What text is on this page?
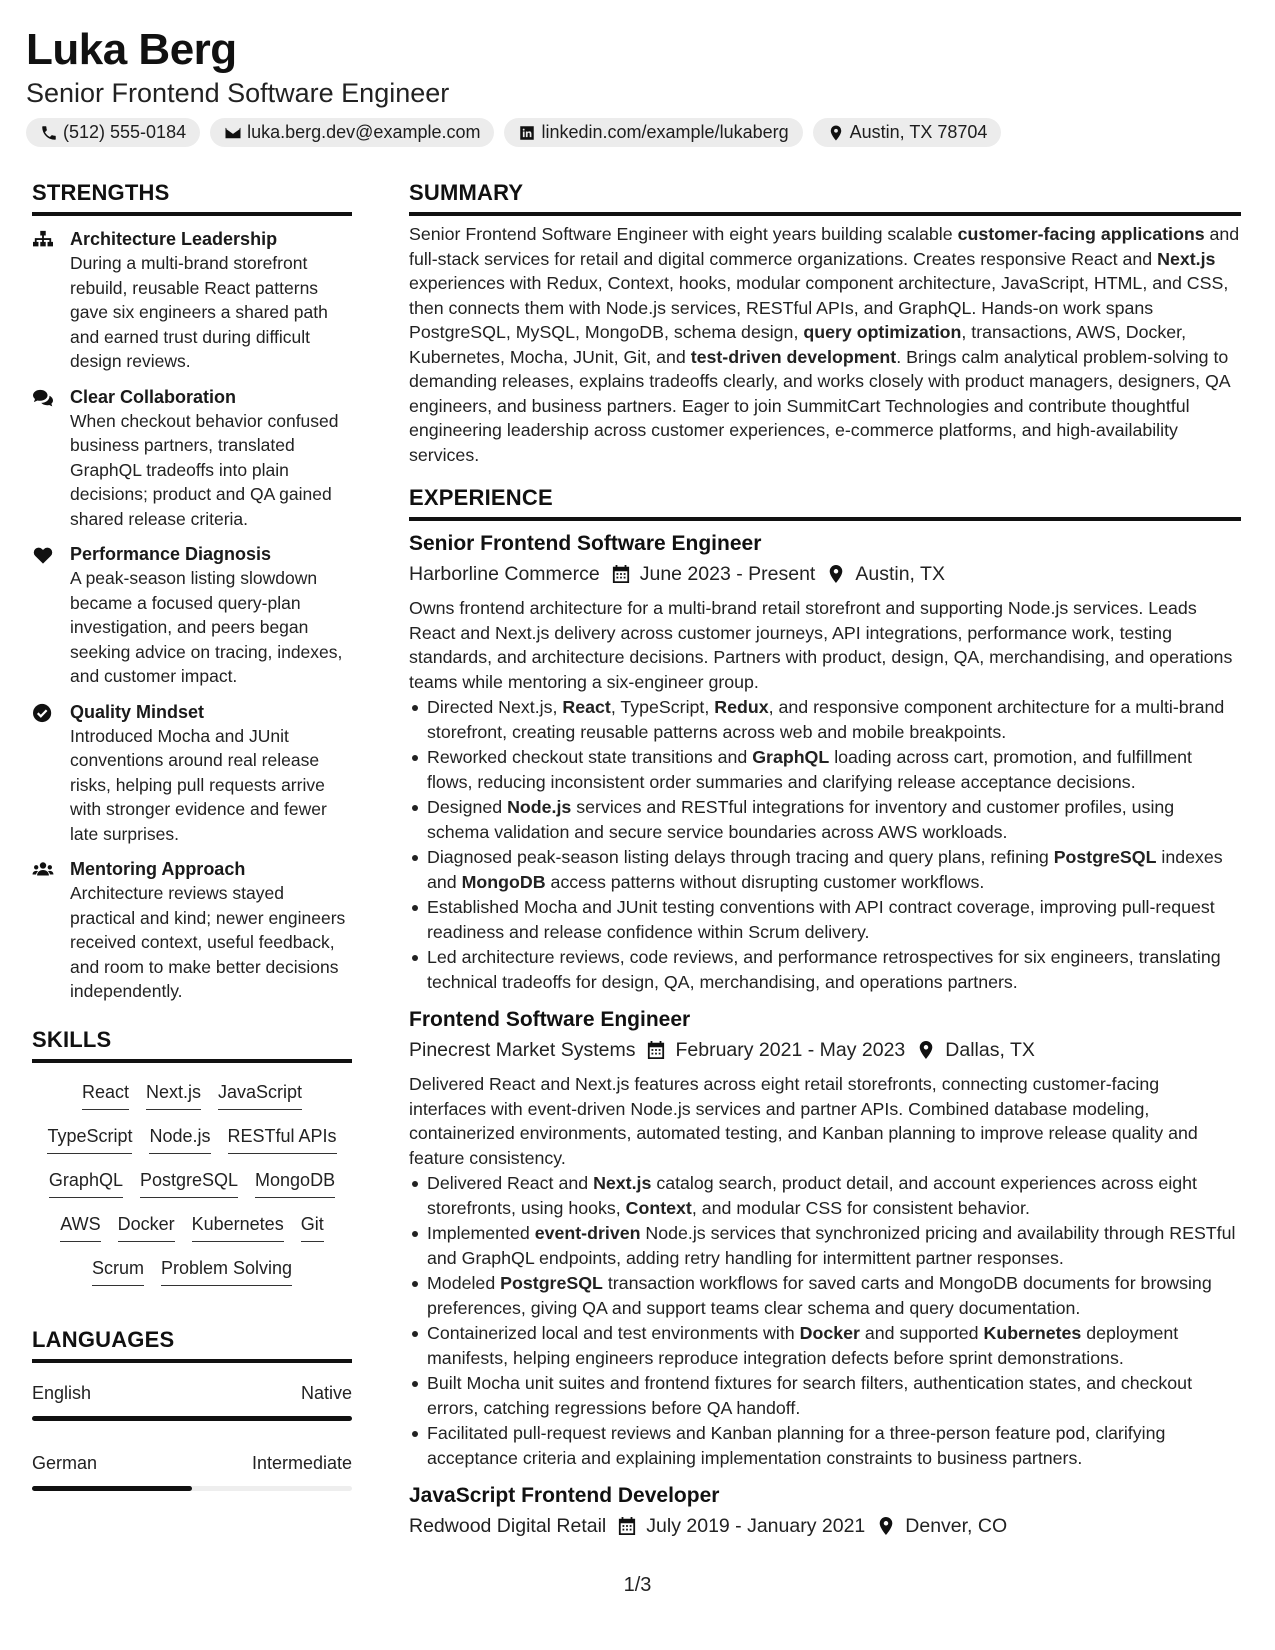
Luka Berg
Senior Frontend Software Engineer
(512) 555-0184	luka.berg.dev@example.com	linkedin.com/example/lukaberg	Austin, TX 78704
STRENGTHS
Architecture Leadership
During a multi-brand storefront rebuild, reusable React patterns gave six engineers a shared path and earned trust during difficult design reviews.
Clear Collaboration
When checkout behavior confused business partners, translated GraphQL tradeoffs into plain decisions; product and QA gained shared release criteria.
Performance Diagnosis
A peak-season listing slowdown became a focused query-plan investigation, and peers began seeking advice on tracing, indexes, and customer impact.
Quality Mindset
Introduced Mocha and JUnit conventions around real release risks, helping pull requests arrive with stronger evidence and fewer late surprises.
Mentoring Approach
Architecture reviews stayed practical and kind; newer engineers received context, useful feedback, and room to make better decisions independently.
SKILLS
React Next.js JavaScript
TypeScript Node.js RESTful APIs
GraphQL PostgreSQL MongoDB
AWS Docker Kubernetes Git
Scrum Problem Solving
LANGUAGES
English	Native
German	Intermediate
SUMMARY
Senior Frontend Software Engineer with eight years building scalable customer-facing applications and full-stack services for retail and digital commerce organizations. Creates responsive React and Next.js experiences with Redux, Context, hooks, modular component architecture, JavaScript, HTML, and CSS, then connects them with Node.js services, RESTful APIs, and GraphQL. Hands-on work spans PostgreSQL, MySQL, MongoDB, schema design, query optimization, transactions, AWS, Docker, Kubernetes, Mocha, JUnit, Git, and test-driven development. Brings calm analytical problem-solving to demanding releases, explains tradeoffs clearly, and works closely with product managers, designers, QA engineers, and business partners. Eager to join SummitCart Technologies and contribute thoughtful engineering leadership across customer experiences, e-commerce platforms, and high-availability services.
EXPERIENCE
Senior Frontend Software Engineer
Harborline Commerce June 2023 - Present Austin, TX
Owns frontend architecture for a multi-brand retail storefront and supporting Node.js services. Leads React and Next.js delivery across customer journeys, API integrations, performance work, testing standards, and architecture decisions. Partners with product, design, QA, merchandising, and operations teams while mentoring a six-engineer group.
Directed Next.js, React, TypeScript, Redux, and responsive component architecture for a multi-brand storefront, creating reusable patterns across web and mobile breakpoints.
Reworked checkout state transitions and GraphQL loading across cart, promotion, and fulfillment flows, reducing inconsistent order summaries and clarifying release acceptance decisions.
Designed Node.js services and RESTful integrations for inventory and customer profiles, using schema validation and secure service boundaries across AWS workloads.
Diagnosed peak-season listing delays through tracing and query plans, refining PostgreSQL indexes and MongoDB access patterns without disrupting customer workflows.
Established Mocha and JUnit testing conventions with API contract coverage, improving pull-request readiness and release confidence within Scrum delivery.
Led architecture reviews, code reviews, and performance retrospectives for six engineers, translating technical tradeoffs for design, QA, merchandising, and operations partners.
Frontend Software Engineer
Pinecrest Market Systems February 2021 - May 2023 Dallas, TX
Delivered React and Next.js features across eight retail storefronts, connecting customer-facing interfaces with event-driven Node.js services and partner APIs. Combined database modeling, containerized environments, automated testing, and Kanban planning to improve release quality and feature consistency.
Delivered React and Next.js catalog search, product detail, and account experiences across eight storefronts, using hooks, Context, and modular CSS for consistent behavior.
Implemented event-driven Node.js services that synchronized pricing and availability through RESTful and GraphQL endpoints, adding retry handling for intermittent partner responses.
Modeled PostgreSQL transaction workflows for saved carts and MongoDB documents for browsing preferences, giving QA and support teams clear schema and query documentation.
Containerized local and test environments with Docker and supported Kubernetes deployment manifests, helping engineers reproduce integration defects before sprint demonstrations.
Built Mocha unit suites and frontend fixtures for search filters, authentication states, and checkout errors, catching regressions before QA handoff.
Facilitated pull-request reviews and Kanban planning for a three-person feature pod, clarifying acceptance criteria and explaining implementation constraints to business partners.
JavaScript Frontend Developer
Redwood Digital Retail July 2019 - January 2021 Denver, CO
1/3
